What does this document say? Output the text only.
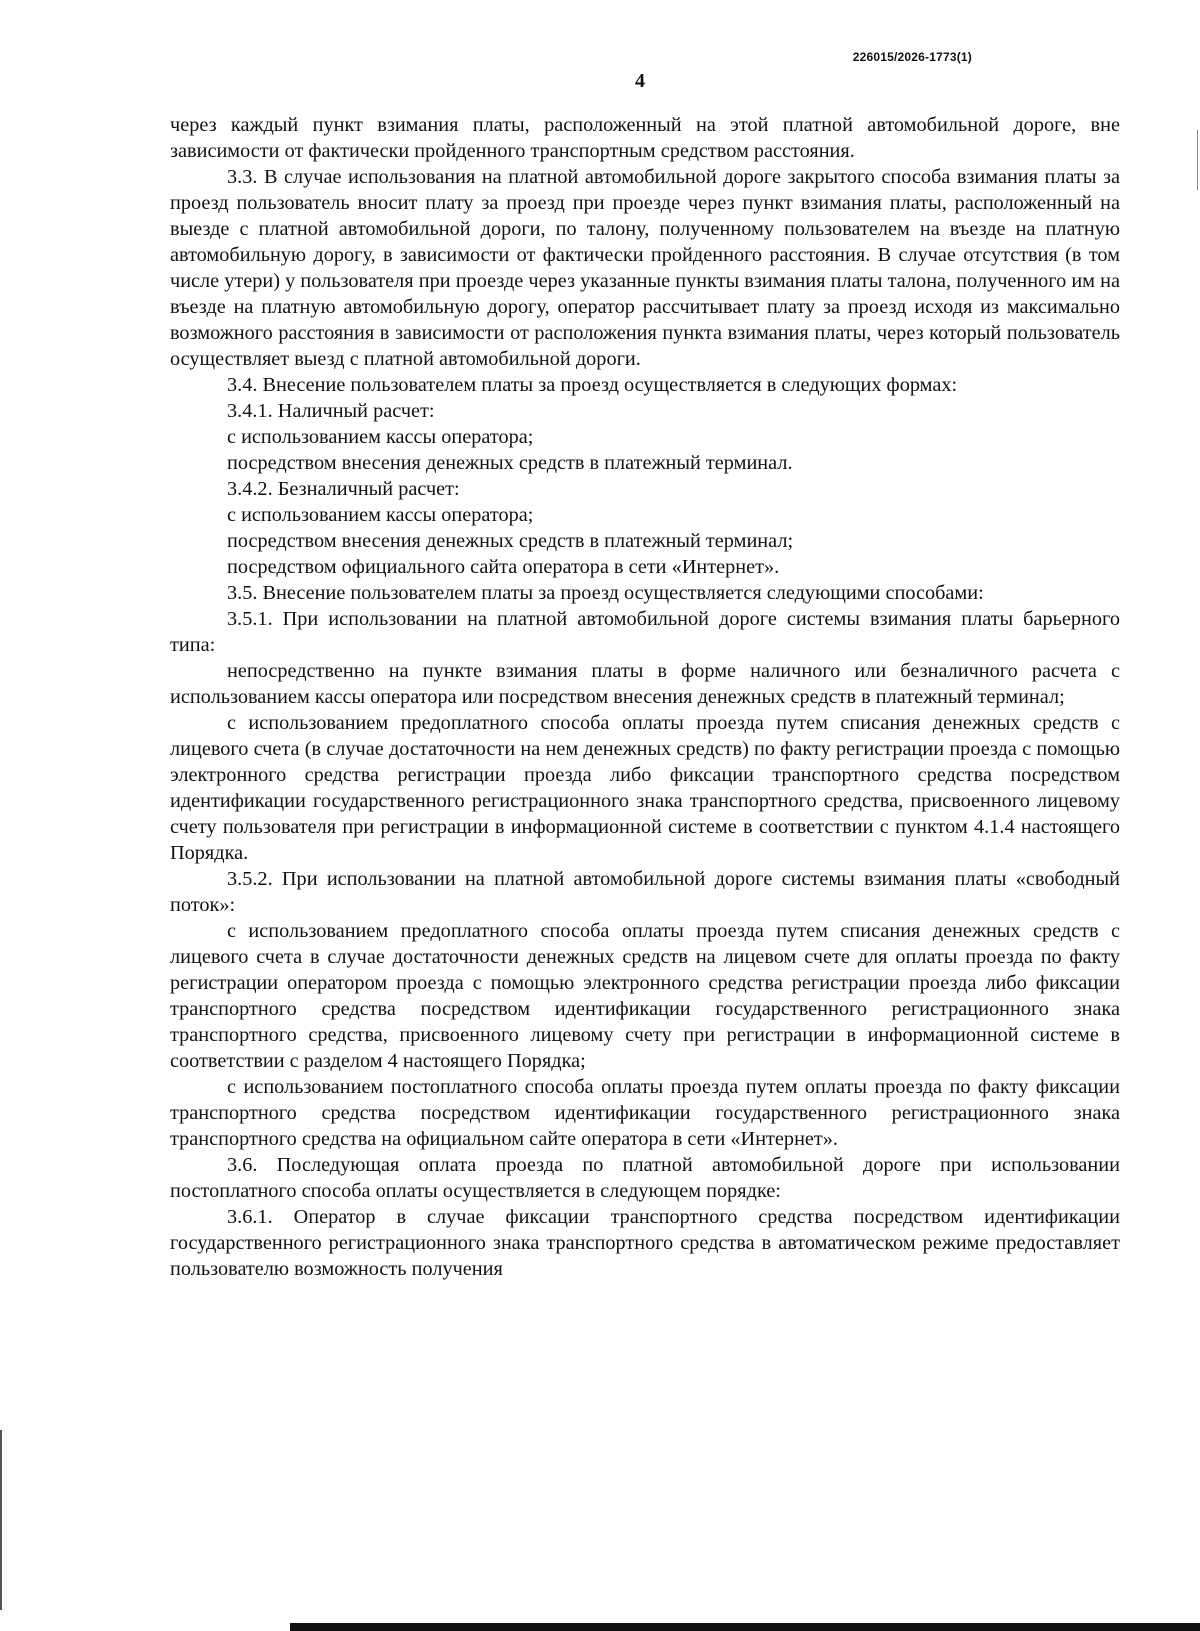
226015/2026-1773(1)
4

через каждый пункт взимания платы, расположенный на этой платной автомобильной дороге, вне зависимости от фактически пройденного транспортным средством расстояния.

3.3. В случае использования на платной автомобильной дороге закрытого способа взимания платы за проезд пользователь вносит плату за проезд при проезде через пункт взимания платы, расположенный на выезде с платной автомобильной дороги, по талону, полученному пользователем на въезде на платную автомобильную дорогу, в зависимости от фактически пройденного расстояния. В случае отсутствия (в том числе утери) у пользователя при проезде через указанные пункты взимания платы талона, полученного им на въезде на платную автомобильную дорогу, оператор рассчитывает плату за проезд исходя из максимально возможного расстояния в зависимости от расположения пункта взимания платы, через который пользователь осуществляет выезд с платной автомобильной дороги.

3.4. Внесение пользователем платы за проезд осуществляется в следующих формах:

3.4.1. Наличный расчет:

с использованием кассы оператора;

посредством внесения денежных средств в платежный терминал.

3.4.2. Безналичный расчет:

с использованием кассы оператора;

посредством внесения денежных средств в платежный терминал;

посредством официального сайта оператора в сети «Интернет».

3.5. Внесение пользователем платы за проезд осуществляется следующими способами:

3.5.1. При использовании на платной автомобильной дороге системы взимания платы барьерного типа:

непосредственно на пункте взимания платы в форме наличного или безналичного расчета с использованием кассы оператора или посредством внесения денежных средств в платежный терминал;

с использованием предоплатного способа оплаты проезда путем списания денежных средств с лицевого счета (в случае достаточности на нем денежных средств) по факту регистрации проезда с помощью электронного средства регистрации проезда либо фиксации транспортного средства посредством идентификации государственного регистрационного знака транспортного средства, присвоенного лицевому счету пользователя при регистрации в информационной системе в соответствии с пунктом 4.1.4 настоящего Порядка.

3.5.2. При использовании на платной автомобильной дороге системы взимания платы «свободный поток»:

с использованием предоплатного способа оплаты проезда путем списания денежных средств с лицевого счета в случае достаточности денежных средств на лицевом счете для оплаты проезда по факту регистрации оператором проезда с помощью электронного средства регистрации проезда либо фиксации транспортного средства посредством идентификации государственного регистрационного знака транспортного средства, присвоенного лицевому счету при регистрации в информационной системе в соответствии с разделом 4 настоящего Порядка;

с использованием постоплатного способа оплаты проезда путем оплаты проезда по факту фиксации транспортного средства посредством идентификации государственного регистрационного знака транспортного средства на официальном сайте оператора в сети «Интернет».

3.6. Последующая оплата проезда по платной автомобильной дороге при использовании постоплатного способа оплаты осуществляется в следующем порядке:

3.6.1. Оператор в случае фиксации транспортного средства посредством идентификации государственного регистрационного знака транспортного средства в автоматическом режиме предоставляет пользователю возможность получения
